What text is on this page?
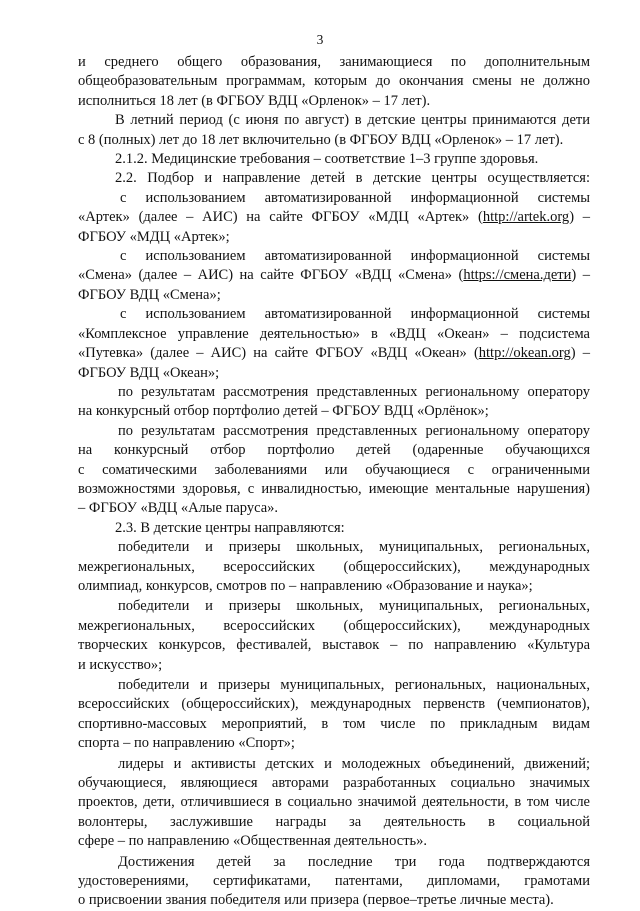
3

и среднего общего образования, занимающиеся по дополнительным
общеобразовательным программам, которым до окончания смены не должно
исполниться 18 лет (в ФГБОУ ВДЦ «Орленок» – 17 лет).

В летний период (с июня по август) в детские центры принимаются дети
с 8 (полных) лет до 18 лет включительно (в ФГБОУ ВДЦ «Орленок» – 17 лет).

2.1.2. Медицинские требования – соответствие 1–3 группе здоровья.

2.2. Подбор и направление детей в детские центры осуществляется:

с использованием автоматизированной информационной системы
«Артек» (далее – АИС) на сайте ФГБОУ «МДЦ «Артек» (http://artek.org) –
ФГБОУ «МДЦ «Артек»;

с использованием автоматизированной информационной системы
«Смена» (далее – АИС) на сайте ФГБОУ «ВДЦ «Смена» (https://смена.дети) –
ФГБОУ ВДЦ «Смена»;

с использованием автоматизированной информационной системы
«Комплексное управление деятельностью» в «ВДЦ «Океан» – подсистема
«Путевка» (далее – АИС) на сайте ФГБОУ «ВДЦ «Океан» (http://okean.org) –
ФГБОУ ВДЦ «Океан»;

по результатам рассмотрения представленных региональному оператору
на конкурсный отбор портфолио детей – ФГБОУ ВДЦ «Орлёнок»;

по результатам рассмотрения представленных региональному оператору
на конкурсный отбор портфолио детей (одаренные обучающихся
с соматическими заболеваниями или обучающиеся с ограниченными
возможностями здоровья, с инвалидностью, имеющие ментальные нарушения)
– ФГБОУ «ВДЦ «Алые паруса».

2.3. В детские центры направляются:

победители и призеры школьных, муниципальных, региональных,
межрегиональных, всероссийских (общероссийских), международных
олимпиад, конкурсов, смотров по – направлению «Образование и наука»;

победители и призеры школьных, муниципальных, региональных,
межрегиональных, всероссийских (общероссийских), международных
творческих конкурсов, фестивалей, выставок – по направлению «Культура
и искусство»;

победители и призеры муниципальных, региональных, национальных,
всероссийских (общероссийских), международных первенств (чемпионатов),
спортивно-массовых мероприятий, в том числе по прикладным видам
спорта – по направлению «Спорт»;

лидеры и активисты детских и молодежных объединений, движений;
обучающиеся, являющиеся авторами разработанных социально значимых
проектов, дети, отличившиеся в социально значимой деятельности, в том числе
волонтеры, заслужившие награды за деятельность в социальной
сфере – по направлению «Общественная деятельность».

Достижения детей за последние три года подтверждаются
удостоверениями, сертификатами, патентами, дипломами, грамотами
о присвоении звания победителя или призера (первое–третье личные места).
